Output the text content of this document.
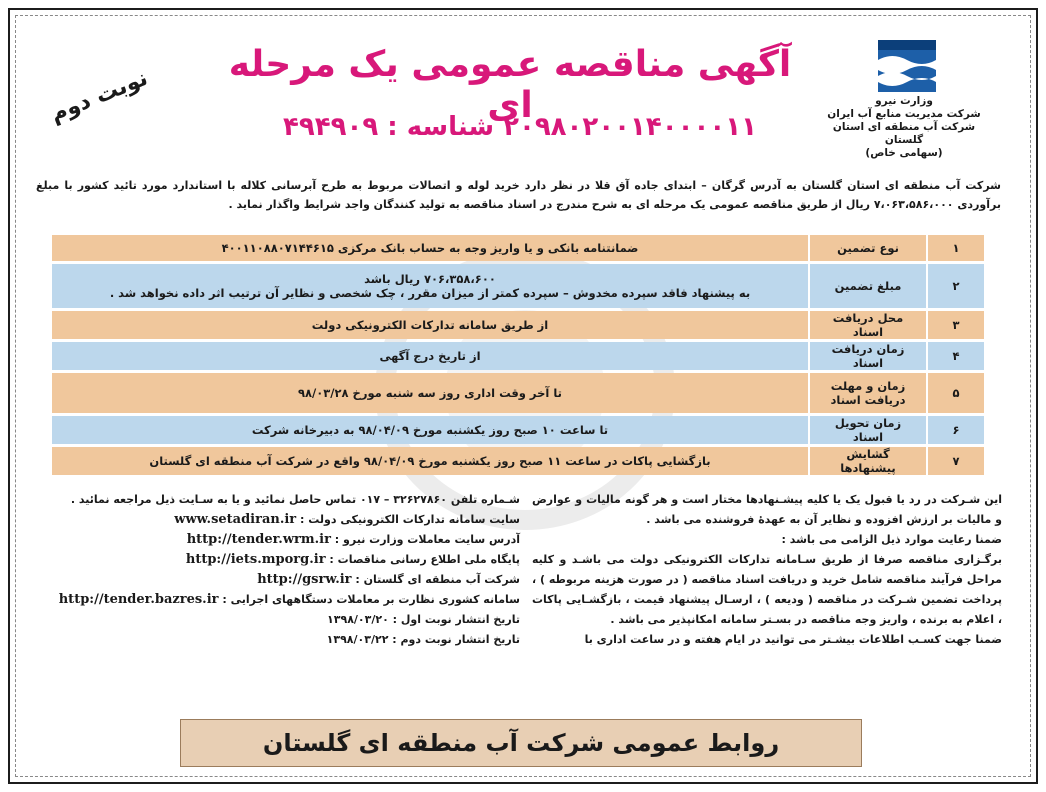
وزارت نیرو
شرکت مدیریت منابع آب ایران
شرکت آب منطقه ای استان گلستان
(سهامی خاص)
آگهی مناقصه عمومی یک مرحله ای
۲۰۹۸۰۲۰۰۱۴۰۰۰۰۱۱ شناسه : ۴۹۴۹۰۹
نوبت دوم
شرکت آب منطقه ای استان گلستان به آدرس گرگان – ابتدای جاده آق قلا در نظر دارد خرید لوله و اتصالات مربوط به طرح آبرسانی کلاله با استاندارد مورد تائید کشور با مبلغ برآوردی ۷،۰۶۳،۵۸۶،۰۰۰ ریال از طریق مناقصه عمومی یک مرحله ای به شرح مندرج در اسناد مناقصه به تولید کنندگان واجد شرایط واگذار نماید .
۱	نوع تضمین	ضمانتنامه بانکی و یا واریز وجه به حساب بانک مرکزی ۴۰۰۱۱۰۸۸۰۷۱۴۴۶۱۵
۲	مبلغ تضمین	۷۰۶،۳۵۸،۶۰۰ ریال باشد
به پیشنهاد فاقد سپرده مخدوش – سپرده کمتر از میزان مقرر ، چک شخصی و نظایر آن ترتیب اثر داده نخواهد شد .

۳	محل دریافت اسناد	از طریق سامانه تدارکات الکترونیکی دولت
۴	زمان دریافت اسناد	از تاریخ درج آگهی
۵	زمان و مهلت دریافت اسناد	تا آخر وقت اداری روز سه شنبه مورخ ۹۸/۰۳/۲۸
۶	زمان تحویل اسناد	تا ساعت ۱۰ صبح روز یکشنبه مورخ ۹۸/۰۴/۰۹ به دبیرخانه شرکت
۷	گشایش پیشنهادها	بازگشایی پاکات در ساعت ۱۱ صبح روز یکشنبه مورخ ۹۸/۰۴/۰۹ واقع در شرکت آب منطقه ای گلستان
این شـرکت در رد یا قبول یک یا کلیه پیشـنهادها مختار است و هر گونه مالیات و عوارض و مالیات بر ارزش افزوده و نظایر آن به عهدهٔ فروشنده می باشد .
ضمنا رعایت موارد ذیل الزامی می باشد :
برگـزاری مناقصه صرفا از طریق سـامانه تدارکات الکترونیکی دولت می باشـد و کلیه مراحل فرآیند مناقصه شامل خرید و دریافت اسناد مناقصه ( در صورت هزینه مربوطه ) ، پرداخت تضمین شـرکت در مناقصه ( ودیعه ) ، ارسـال پیشنهاد قیمت ، بازگشـایی پاکات ، اعلام به برنده ، واریز وجه مناقصه در بسـتر سامانه امکانپذیر می باشد .
ضمنا جهت کسـب اطلاعات بیشـتر می توانید در ایام هفته و در ساعت اداری با
شـماره تلفن ۳۲۶۲۷۸۶۰ – ۰۱۷ تماس حاصل نمائید و یا به سـایت ذیل مراجعه نمائید .
سایت سامانه تدارکات الکترونیکی دولت : www.setadiran.ir
آدرس سایت معاملات وزارت نیرو : http://tender.wrm.ir
پایگاه ملی اطلاع رسانی مناقصات : http://iets.mporg.ir
شرکت آب منطقه ای گلستان : http://gsrw.ir
سامانه کشوری نظارت بر معاملات دستگاههای اجرایی : http://tender.bazres.ir
تاریخ انتشار نوبت اول : ۱۳۹۸/۰۳/۲۰
تاریخ انتشار نوبت دوم : ۱۳۹۸/۰۳/۲۲
روابط عمومی شرکت آب منطقه ای گلستان
